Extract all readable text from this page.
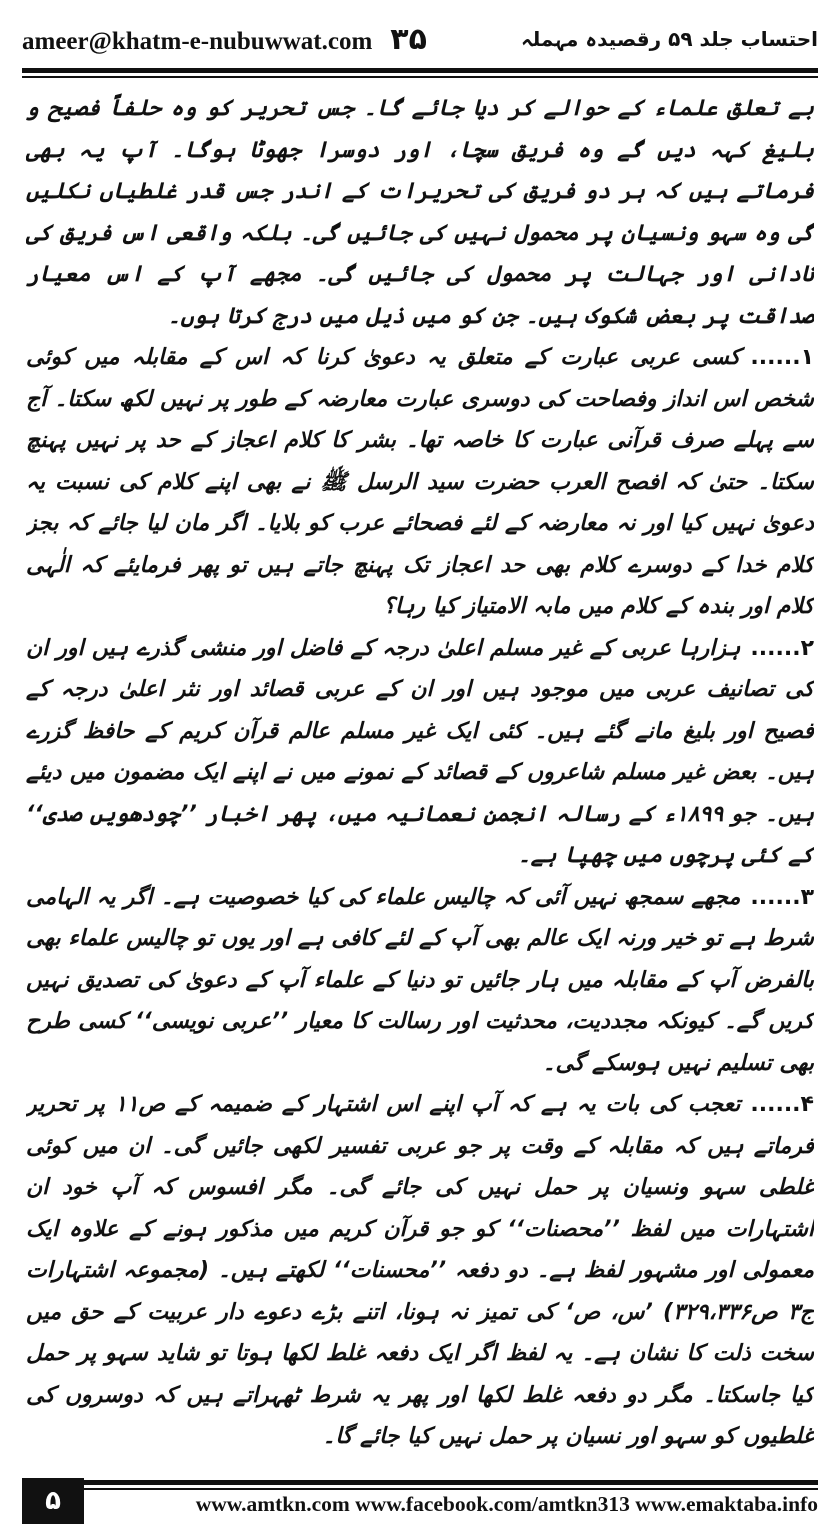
ameer@khatm-e-nubuwwat.com ۳۵	احتساب جلد ۵۹ رقصیدہ مہملہ

بے تعلق علماء کے حوالے کر دیا جائے گا۔ جس تحریر کو وہ حلفاً فصیح و بلیغ کہہ دیں گے وہ فریق سچا، اور دوسرا جھوٹا ہوگا۔ آپ یہ بھی فرماتے ہیں کہ ہر دو فریق کی تحریرات کے اندر جس قدر غلطیاں نکلیں گی وہ سہو ونسیان پر محمول نہیں کی جائیں گی۔ بلکہ واقعی اس فریق کی نادانی اور جہالت پر محمول کی جائیں گی۔ مجھے آپ کے اس معیار صداقت پر بعض شکوک ہیں۔ جن کو میں ذیل میں درج کرتا ہوں۔

۱......کسی عربی عبارت کے متعلق یہ دعویٰ کرنا کہ اس کے مقابلہ میں کوئی شخص اس انداز وفصاحت کی دوسری عبارت معارضہ کے طور پر نہیں لکھ سکتا۔ آج سے پہلے صرف قرآنی عبارت کا خاصہ تھا۔ بشر کا کلام اعجاز کے حد پر نہیں پہنچ سکتا۔ حتیٰ کہ افصح العرب حضرت سید الرسل ﷺ نے بھی اپنے کلام کی نسبت یہ دعویٰ نہیں کیا اور نہ معارضہ کے لئے فصحائے عرب کو بلایا۔ اگر مان لیا جائے کہ بجز کلام خدا کے دوسرے کلام بھی حد اعجاز تک پہنچ جاتے ہیں تو پھر فرمایئے کہ الٰہی کلام اور بندہ کے کلام میں مابہ الامتیاز کیا رہا؟

۲......ہزارہا عربی کے غیر مسلم اعلیٰ درجہ کے فاضل اور منشی گذرے ہیں اور ان کی تصانیف عربی میں موجود ہیں اور ان کے عربی قصائد اور نثر اعلیٰ درجہ کے فصیح اور بلیغ مانے گئے ہیں۔ کئی ایک غیر مسلم عالم قرآن کریم کے حافظ گزرے ہیں۔ بعض غیر مسلم شاعروں کے قصائد کے نمونے میں نے اپنے ایک مضمون میں دیئے ہیں۔ جو ۱۸۹۹ء کے رسالہ انجمن نعمانیہ میں، پھر اخبار ’’چودھویں صدی‘‘ کے کئی پرچوں میں چھپا ہے۔

۳......مجھے سمجھ نہیں آئی کہ چالیس علماء کی کیا خصوصیت ہے۔ اگر یہ الہامی شرط ہے تو خیر ورنہ ایک عالم بھی آپ کے لئے کافی ہے اور یوں تو چالیس علماء بھی بالفرض آپ کے مقابلہ میں ہار جائیں تو دنیا کے علماء آپ کے دعویٰ کی تصدیق نہیں کریں گے۔ کیونکہ مجددیت، محدثیت اور رسالت کا معیار ’’عربی نویسی‘‘ کسی طرح بھی تسلیم نہیں ہوسکے گی۔

۴......تعجب کی بات یہ ہے کہ آپ اپنے اس اشتہار کے ضمیمہ کے ص۱۱ پر تحریر فرماتے ہیں کہ مقابلہ کے وقت پر جو عربی تفسیر لکھی جائیں گی۔ ان میں کوئی غلطی سہو ونسیان پر حمل نہیں کی جائے گی۔ مگر افسوس کہ آپ خود ان اشتہارات میں لفظ ’’محصنات‘‘ کو جو قرآن کریم میں مذکور ہونے کے علاوہ ایک معمولی اور مشہور لفظ ہے۔ دو دفعہ ’’محسنات‘‘ لکھتے ہیں۔ (مجموعہ اشتہارات ج۳ ص۳۲۹،۳۳۶) ’س، ص‘ کی تمیز نہ ہونا، اتنے بڑے دعوے دار عربیت کے حق میں سخت ذلت کا نشان ہے۔ یہ لفظ اگر ایک دفعہ غلط لکھا ہوتا تو شاید سہو پر حمل کیا جاسکتا۔ مگر دو دفعہ غلط لکھا اور پھر یہ شرط ٹھہراتے ہیں کہ دوسروں کی غلطیوں کو سہو اور نسیان پر حمل نہیں کیا جائے گا۔

۵	www.amtkn.com www.facebook.com/amtkn313 www.emaktaba.info
